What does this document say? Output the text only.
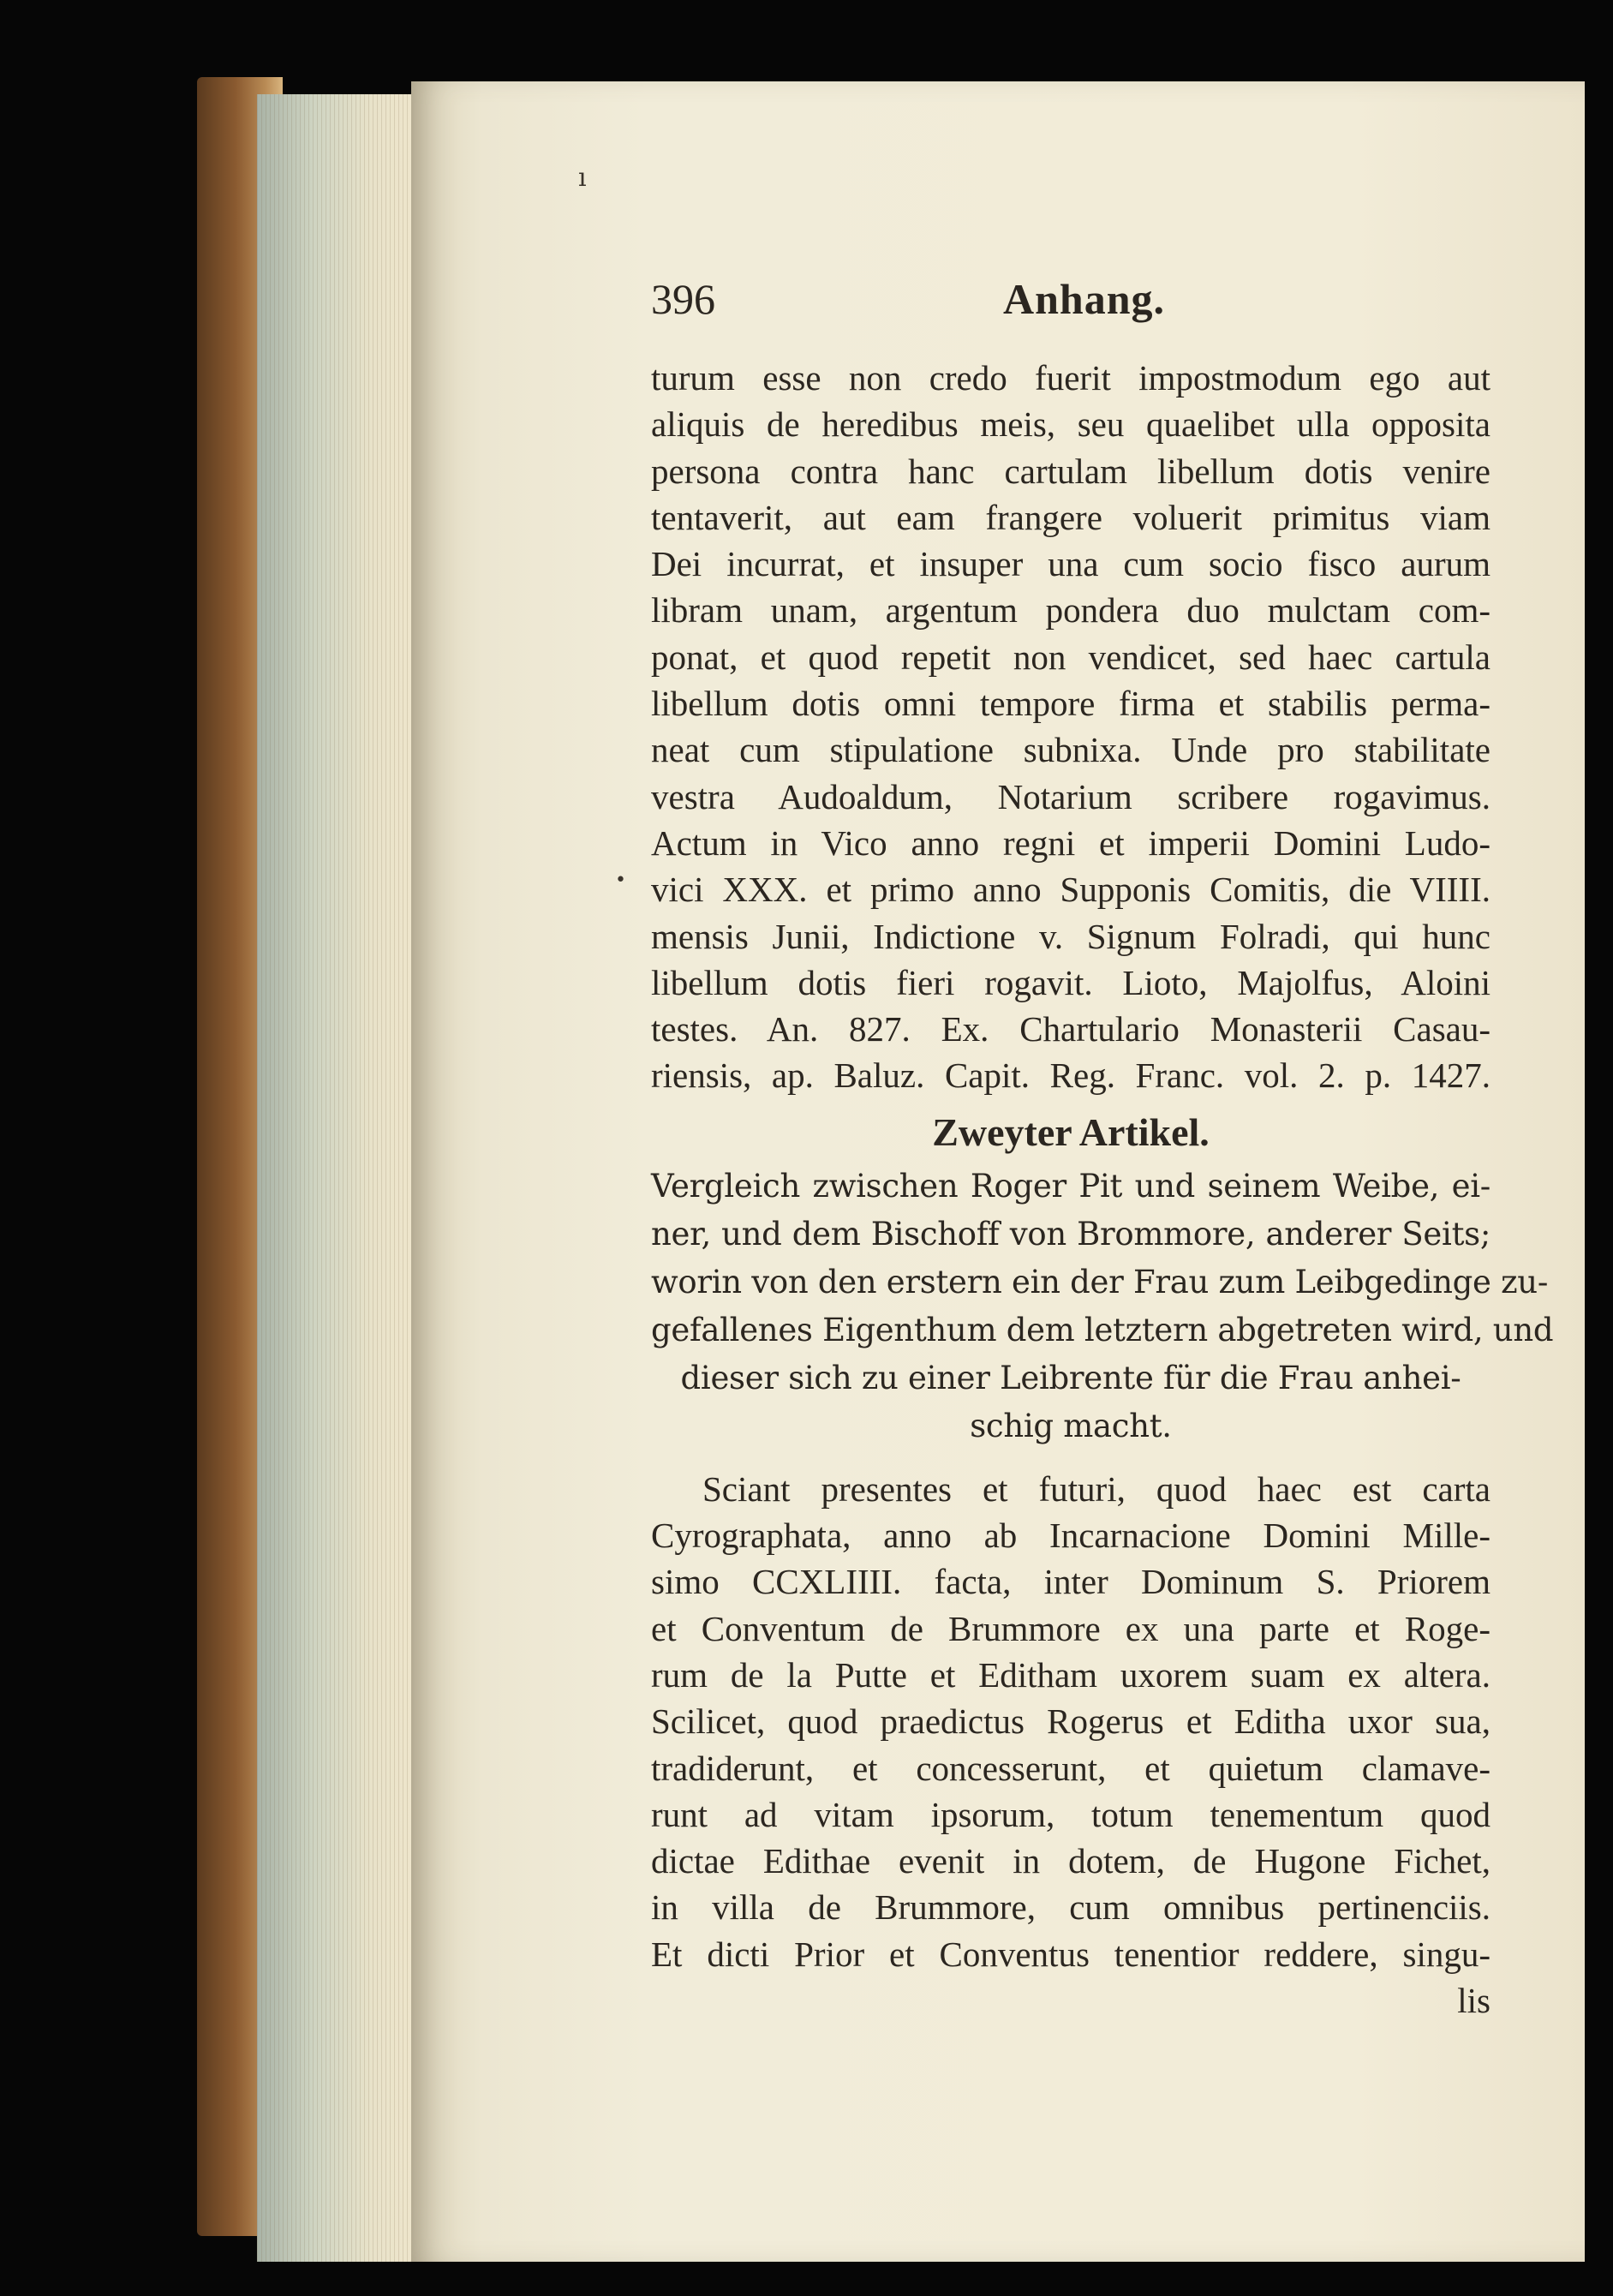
ı
•
396	Anhang.
turum esse non credo fuerit impostmodum ego aut
aliquis de heredibus meis, seu quaelibet ulla opposita
persona contra hanc cartulam libellum dotis venire
tentaverit, aut eam frangere voluerit primitus viam
Dei incurrat, et insuper una cum socio fisco aurum
libram unam, argentum pondera duo mulctam com-
ponat, et quod repetit non vendicet, sed haec cartula
libellum dotis omni tempore firma et stabilis perma-
neat cum stipulatione subnixa. Unde pro stabilitate
vestra Audoaldum, Notarium scribere rogavimus.
Actum in Vico anno regni et imperii Domini Ludo-
vici XXX. et primo anno Supponis Comitis, die VIIII.
mensis Junii, Indictione v. Signum Folradi, qui hunc
libellum dotis fieri rogavit. Lioto, Majolfus, Aloini
testes. An. 827. Ex. Chartulario Monasterii Casau-
riensis, ap. Baluz. Capit. Reg. Franc. vol. 2. p. 1427.
Zweyter Artikel.
Vergleich zwischen Roger Pit und seinem Weibe, ei-
ner, und dem Bischoff von Brommore, anderer Seits;
worin von den erstern ein der Frau zum Leibgedinge zu-
gefallenes Eigenthum dem letztern abgetreten wird, und
dieser sich zu einer Leibrente für die Frau anhei-
schig macht.
Sciant presentes et futuri, quod haec est carta
Cyrographata, anno ab Incarnacione Domini Mille-
simo CCXLIIII. facta, inter Dominum S. Priorem
et Conventum de Brummore ex una parte et Roge-
rum de la Putte et Editham uxorem suam ex altera.
Scilicet, quod praedictus Rogerus et Editha uxor sua,
tradiderunt, et concesserunt, et quietum clamave-
runt ad vitam ipsorum, totum tenementum quod
dictae Edithae evenit in dotem, de Hugone Fichet,
in villa de Brummore, cum omnibus pertinenciis.
Et dicti Prior et Conventus tenentior reddere, singu-
lis
